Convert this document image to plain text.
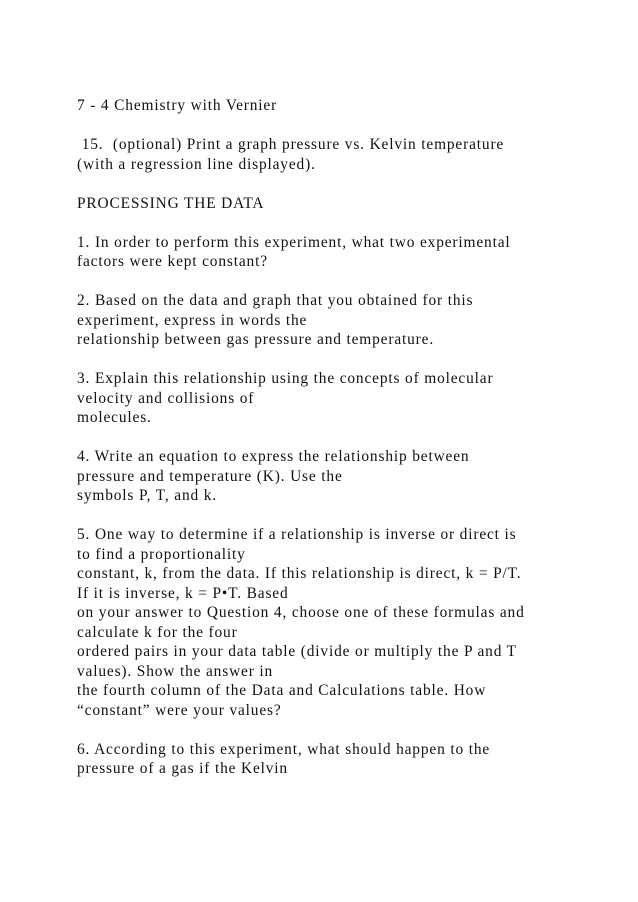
7 - 4 Chemistry with Vernier
15.  (optional) Print a graph pressure vs. Kelvin temperature
(with a regression line displayed).
PROCESSING THE DATA
1. In order to perform this experiment, what two experimental
factors were kept constant?
2. Based on the data and graph that you obtained for this
experiment, express in words the
relationship between gas pressure and temperature.
3. Explain this relationship using the concepts of molecular
velocity and collisions of
molecules.
4. Write an equation to express the relationship between
pressure and temperature (K). Use the
symbols P, T, and k.
5. One way to determine if a relationship is inverse or direct is
to find a proportionality
constant, k, from the data. If this relationship is direct, k = P/T.
If it is inverse, k = P•T. Based
on your answer to Question 4, choose one of these formulas and
calculate k for the four
ordered pairs in your data table (divide or multiply the P and T
values). Show the answer in
the fourth column of the Data and Calculations table. How
“constant” were your values?
6. According to this experiment, what should happen to the
pressure of a gas if the Kelvin
